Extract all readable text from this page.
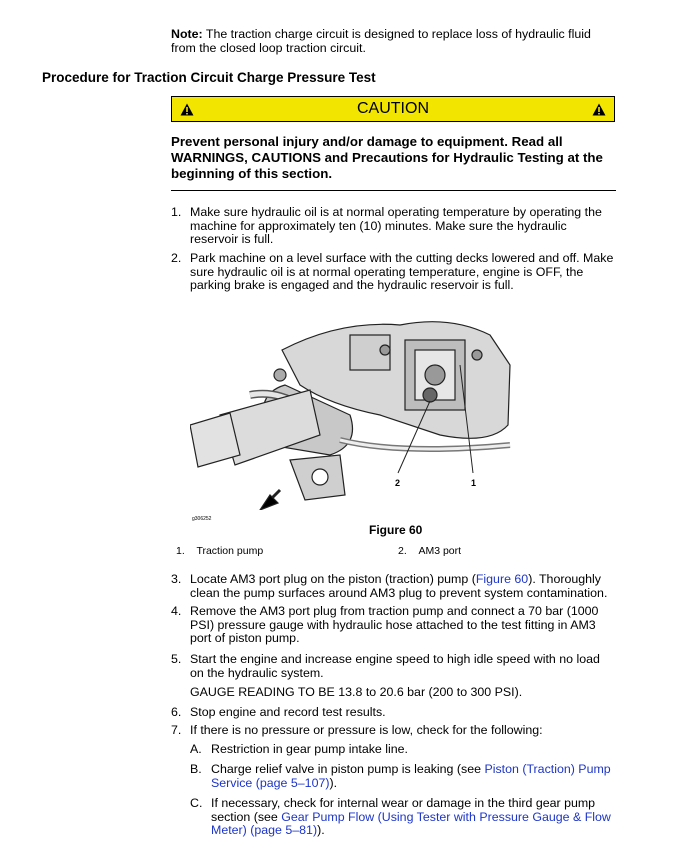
Note: The traction charge circuit is designed to replace loss of hydraulic fluid from the closed loop traction circuit.
Procedure for Traction Circuit Charge Pressure Test
CAUTION
Prevent personal injury and/or damage to equipment. Read all WARNINGS, CAUTIONS and Precautions for Hydraulic Testing at the beginning of this section.
1. Make sure hydraulic oil is at normal operating temperature by operating the machine for approximately ten (10) minutes. Make sure the hydraulic reservoir is full.
2. Park machine on a level surface with the cutting decks lowered and off. Make sure hydraulic oil is at normal operating temperature, engine is OFF, the parking brake is engaged and the hydraulic reservoir is full.
2	1
g306252
Figure 60
1. Traction pump	2. AM3 port
3. Locate AM3 port plug on the piston (traction) pump (Figure 60). Thoroughly clean the pump surfaces around AM3 plug to prevent system contamination.
4. Remove the AM3 port plug from traction pump and connect a 70 bar (1000 PSI) pressure gauge with hydraulic hose attached to the test fitting in AM3 port of piston pump.
5. Start the engine and increase engine speed to high idle speed with no load on the hydraulic system.
GAUGE READING TO BE 13.8 to 20.6 bar (200 to 300 PSI).
6. Stop engine and record test results.
7. If there is no pressure or pressure is low, check for the following:
A. Restriction in gear pump intake line.
B. Charge relief valve in piston pump is leaking (see Piston (Traction) Pump Service (page 5–107)).
C. If necessary, check for internal wear or damage in the third gear pump section (see Gear Pump Flow (Using Tester with Pressure Gauge & Flow Meter) (page 5–81)).
